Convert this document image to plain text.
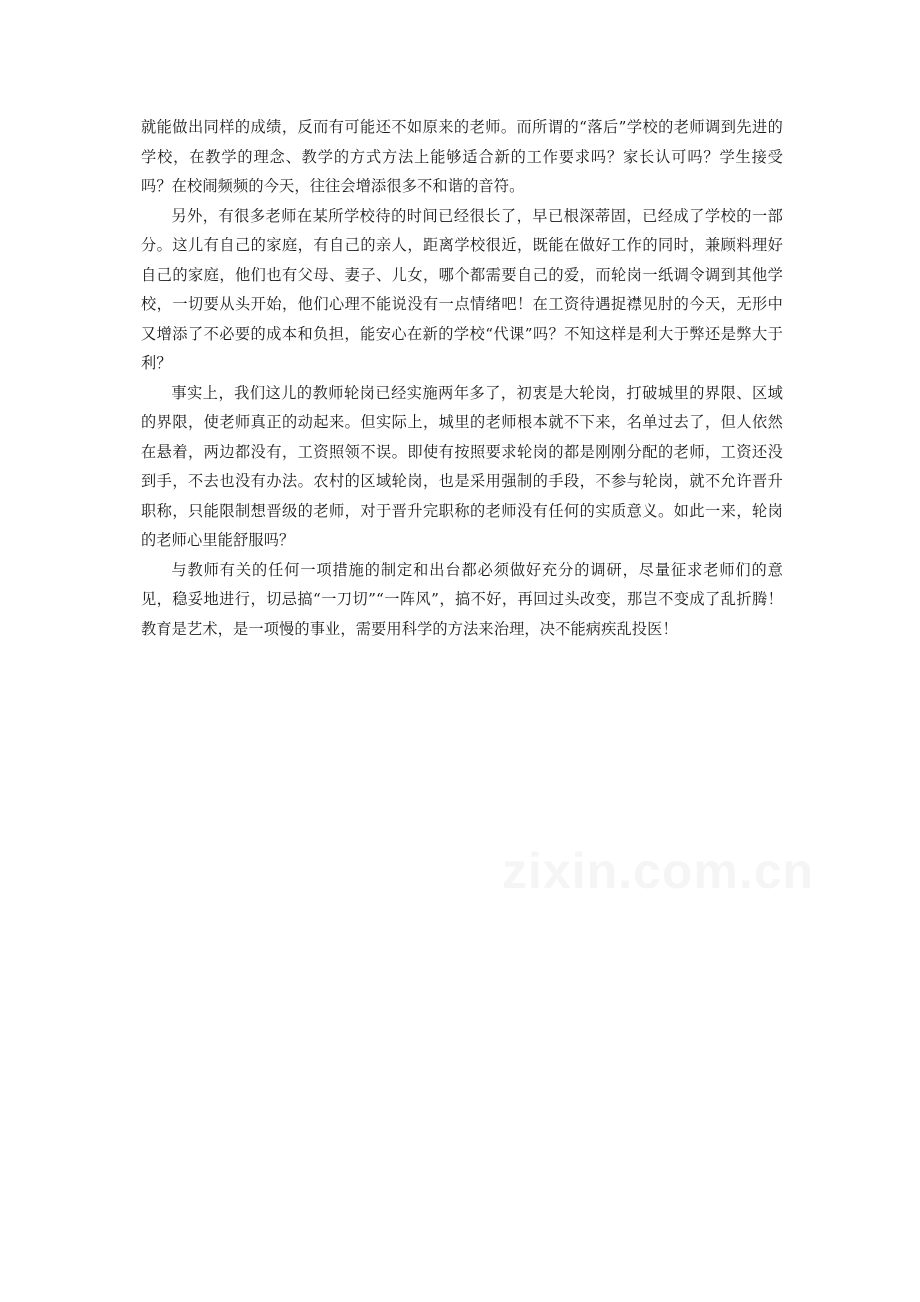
就能做出同样的成绩，反而有可能还不如原来的老师。而所谓的“落后”学校的老师调到先进的学校，在教学的理念、教学的方式方法上能够适合新的工作要求吗？家长认可吗？学生接受吗？在校闹频频的今天，往往会增添很多不和谐的音符。

另外，有很多老师在某所学校待的时间已经很长了，早已根深蒂固，已经成了学校的一部分。这儿有自己的家庭，有自己的亲人，距离学校很近，既能在做好工作的同时，兼顾料理好自己的家庭，他们也有父母、妻子、儿女，哪个都需要自己的爱，而轮岗一纸调令调到其他学校，一切要从头开始，他们心理不能说没有一点情绪吧！在工资待遇捉襟见肘的今天，无形中又增添了不必要的成本和负担，能安心在新的学校“代课”吗？不知这样是利大于弊还是弊大于利？

事实上，我们这儿的教师轮岗已经实施两年多了，初衷是大轮岗，打破城里的界限、区域的界限，使老师真正的动起来。但实际上，城里的老师根本就不下来，名单过去了，但人依然在悬着，两边都没有，工资照领不误。即使有按照要求轮岗的都是刚刚分配的老师，工资还没到手，不去也没有办法。农村的区域轮岗，也是采用强制的手段，不参与轮岗，就不允许晋升职称，只能限制想晋级的老师，对于晋升完职称的老师没有任何的实质意义。如此一来，轮岗的老师心里能舒服吗？

与教师有关的任何一项措施的制定和出台都必须做好充分的调研，尽量征求老师们的意见，稳妥地进行，切忌搞“一刀切”“一阵风”，搞不好，再回过头改变，那岂不变成了乱折腾！教育是艺术，是一项慢的事业，需要用科学的方法来治理，决不能病疾乱投医！

zixin.com.cn
